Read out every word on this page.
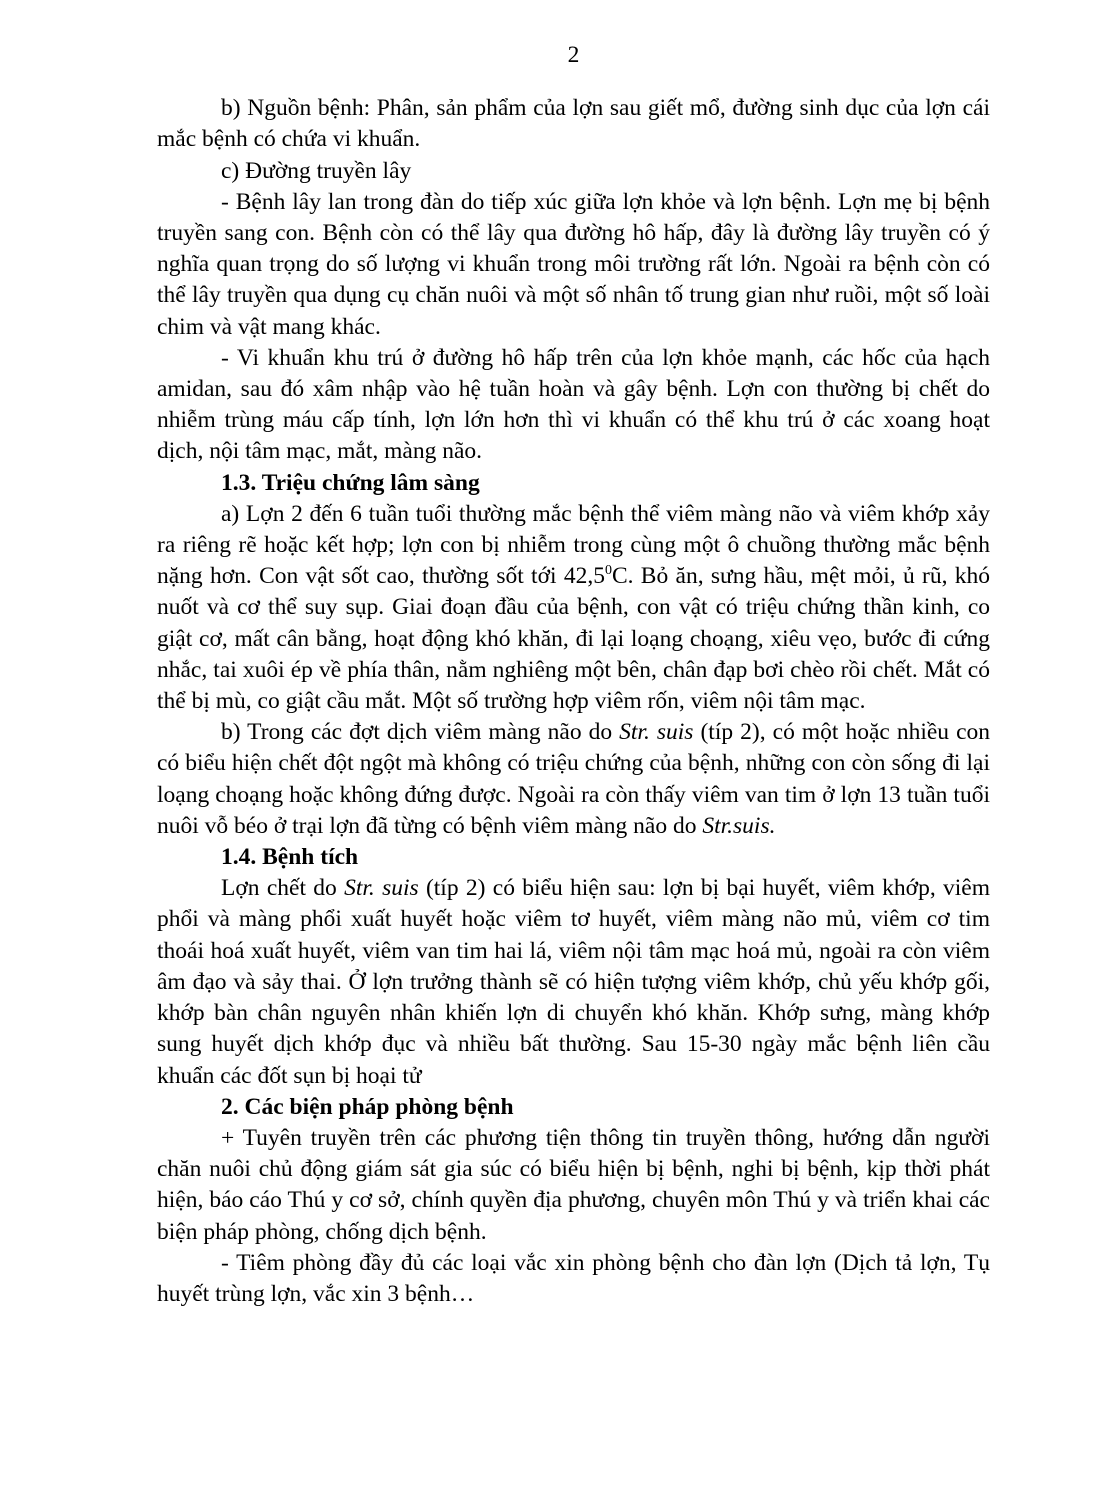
2

b) Nguồn bệnh: Phân, sản phẩm của lợn sau giết mổ, đường sinh dục của lợn cái mắc bệnh có chứa vi khuẩn.

c) Đường truyền lây

- Bệnh lây lan trong đàn do tiếp xúc giữa lợn khỏe và lợn bệnh. Lợn mẹ bị bệnh truyền sang con. Bệnh còn có thể lây qua đường hô hấp, đây là đường lây truyền có ý nghĩa quan trọng do số lượng vi khuẩn trong môi trường rất lớn. Ngoài ra bệnh còn có thể lây truyền qua dụng cụ chăn nuôi và một số nhân tố trung gian như ruồi, một số loài chim và vật mang khác.

- Vi khuẩn khu trú ở đường hô hấp trên của lợn khỏe mạnh, các hốc của hạch amidan, sau đó xâm nhập vào hệ tuần hoàn và gây bệnh. Lợn con thường bị chết do nhiễm trùng máu cấp tính, lợn lớn hơn thì vi khuẩn có thể khu trú ở các xoang hoạt dịch, nội tâm mạc, mắt, màng não.

1.3. Triệu chứng lâm sàng

a) Lợn 2 đến 6 tuần tuổi thường mắc bệnh thể viêm màng não và viêm khớp xảy ra riêng rẽ hoặc kết hợp; lợn con bị nhiễm trong cùng một ô chuồng thường mắc bệnh nặng hơn. Con vật sốt cao, thường sốt tới 42,5$^0$C. Bỏ ăn, sưng hầu, mệt mỏi, ủ rũ, khó nuốt và cơ thể suy sụp. Giai đoạn đầu của bệnh, con vật có triệu chứng thần kinh, co giật cơ, mất cân bằng, hoạt động khó khăn, đi lại loạng choạng, xiêu vẹo, bước đi cứng nhắc, tai xuôi ép về phía thân, nằm nghiêng một bên, chân đạp bơi chèo rồi chết. Mắt có thể bị mù, co giật cầu mắt. Một số trường hợp viêm rốn, viêm nội tâm mạc.

b) Trong các đợt dịch viêm màng não do Str. suis (típ 2), có một hoặc nhiều con có biểu hiện chết đột ngột mà không có triệu chứng của bệnh, những con còn sống đi lại loạng choạng hoặc không đứng được. Ngoài ra còn thấy viêm van tim ở lợn 13 tuần tuổi nuôi vỗ béo ở trại lợn đã từng có bệnh viêm màng não do Str.suis.

1.4. Bệnh tích

Lợn chết do Str. suis (típ 2) có biểu hiện sau: lợn bị bại huyết, viêm khớp, viêm phổi và màng phổi xuất huyết hoặc viêm tơ huyết, viêm màng não mủ, viêm cơ tim thoái hoá xuất huyết, viêm van tim hai lá, viêm nội tâm mạc hoá mủ, ngoài ra còn viêm âm đạo và sảy thai. Ở lợn trưởng thành sẽ có hiện tượng viêm khớp, chủ yếu khớp gối, khớp bàn chân nguyên nhân khiến lợn di chuyển khó khăn. Khớp sưng, màng khớp sung huyết dịch khớp đục và nhiều bất thường. Sau 15-30 ngày mắc bệnh liên cầu khuẩn các đốt sụn bị hoại tử

2. Các biện pháp phòng bệnh

+ Tuyên truyền trên các phương tiện thông tin truyền thông, hướng dẫn người chăn nuôi chủ động giám sát gia súc có biểu hiện bị bệnh, nghi bị bệnh, kịp thời phát hiện, báo cáo Thú y cơ sở, chính quyền địa phương, chuyên môn Thú y và triển khai các biện pháp phòng, chống dịch bệnh.

- Tiêm phòng đầy đủ các loại vắc xin phòng bệnh cho đàn lợn (Dịch tả lợn, Tụ huyết trùng lợn, vắc xin 3 bệnh…
